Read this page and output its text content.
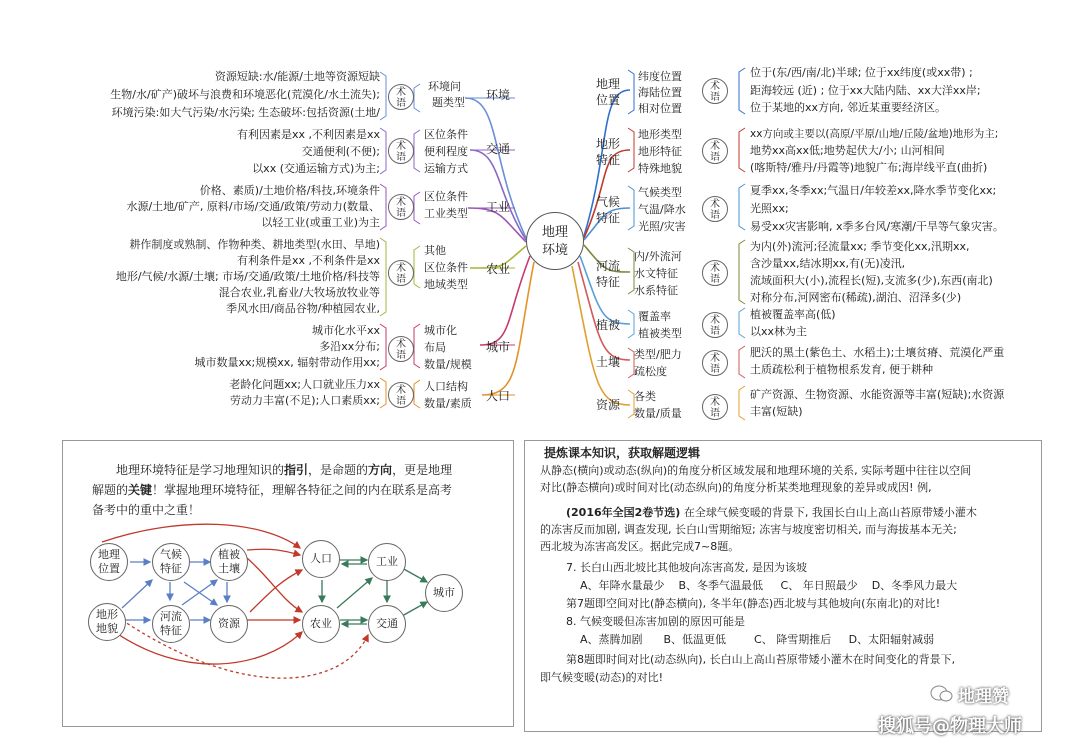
地理
环境
资源短缺:水/能源/土地等资源短缺
生物/水/矿产)破坏与浪费和环境恶化(荒漠化/水土流失);
环境污染:如大气污染/水污染; 生态破坏:包括资源(土地/
术
语
环境问
题类型
环境
有利因素是xx ,不利因素是xx
交通便利(不便);
以xx (交通运输方式)为主;
术
语
区位条件
便利程度
运输方式
交通
价格、素质)/土地价格/科技,环境条件
水源/土地/矿产, 原料/市场/交通/政策/劳动力(数量、
以轻工业(或重工业)为主
术
语
区位条件
工业类型 工业
耕作制度或熟制、作物种类、耕地类型(水田、旱地)
有利条件是xx ,不利条件是xx
地形/气候/水源/土壤; 市场/交通/政策/土地价格/科技等
混合农业,乳畜业/大牧场放牧业等
季风水田/商品谷物/种植园农业,
术
语
其他
区位条件
地域类型
农业
城市化水平xx
多沿xx分布;
城市数量xx;规模xx, 辐射带动作用xx;
术
语
城市化
布局
数量/规模
城市
老龄化问题xx;人口就业压力xx
劳动力丰富(不足);人口素质xx;
术
语
人口结构
数量/素质
人口
地理
位置
纬度位置
海陆位置
相对位置
术
语
位于(东/西/南/北)半球; 位于xx纬度(或xx带) ;
距海较远 (近) ; 位于xx大陆内陆、xx大洋xx岸;
位于某地的xx方向, 邻近某重要经济区。
地形
特征
地形类型
地形特征
特殊地貌
术
语
xx方向或主要以(高原/平原/山地/丘陵/盆地)地形为主;
地势xx高xx低;地势起伏大/小; 山河相间
(喀斯特/雅丹/丹霞等)地貌广布;海岸线平直(曲折)
气候
特征
气候类型
气温/降水
光照/灾害
术
语
夏季xx,冬季xx;气温日/年较差xx,降水季节变化xx;
光照xx;
易受xx灾害影响, x季多台风/寒潮/干旱等气象灾害。
河流
特征
内/外流河
水文特征
水系特征
术
语
为内(外)流河;径流量xx; 季节变化xx,汛期xx,
含沙量xx,结冰期xx,有(无)凌汛,
流域面积大(小),流程长(短),支流多(少),东西(南北)
对称分布,河网密布(稀疏),湖泊、沼泽多(少)
植被
覆盖率
植被类型
术
语
植被覆盖率高(低)
以xx林为主
土壤
类型/肥力
疏松度
术
语
肥沃的黑土(紫色土、水稻土);土壤贫瘠、荒漠化严重
土质疏松利于植物根系发育, 便于耕种
资源
各类
数量/质量
术
语
矿产资源、生物资源、水能资源等丰富(短缺);水资源
丰富(短缺)
地理环境特征是学习地理知识的指引，是命题的方向，更是地理
解题的关键！掌握地理环境特征，理解各特征之间的内在联系是高考
备考中的重中之重！
地理
位置
气候
特征
植被
土壤
地形
地貌
河流
特征
资源
人口	工业
农业	交通
城市
提炼课本知识，获取解题逻辑
从静态(横向)或动态(纵向)的角度分析区域发展和地理环境的关系, 实际考题中往往以空间
对比(静态横向)或时间对比(动态纵向)的角度分析某类地理现象的差异或成因! 例,
(2016年全国2卷节选) 在全球气候变暖的背景下, 我国长白山上高山苔原带矮小灌木
的冻害反而加剧, 调查发现, 长白山雪期缩短; 冻害与坡度密切相关, 而与海拔基本无关;
西北坡为冻害高发区。据此完成7~8题。
7. 长白山西北坡比其他坡向冻害高发, 是因为该坡
A、年降水量最少    B、冬季气温最低     C、 年日照最少    D、冬季风力最大
第7题即空间对比(静态横向), 冬半年(静态)西北坡与其他坡向(东南北)的对比!
8. 气候变暖但冻害加剧的原因可能是
A、蒸腾加剧      B、低温更低        C、 降雪期推后     D、太阳辐射减弱
第8题即时间对比(动态纵向), 长白山上高山苔原带矮小灌木在时间变化的背景下,
即气候变暖(动态)的对比!
地理赞
搜狐号@物理大师
